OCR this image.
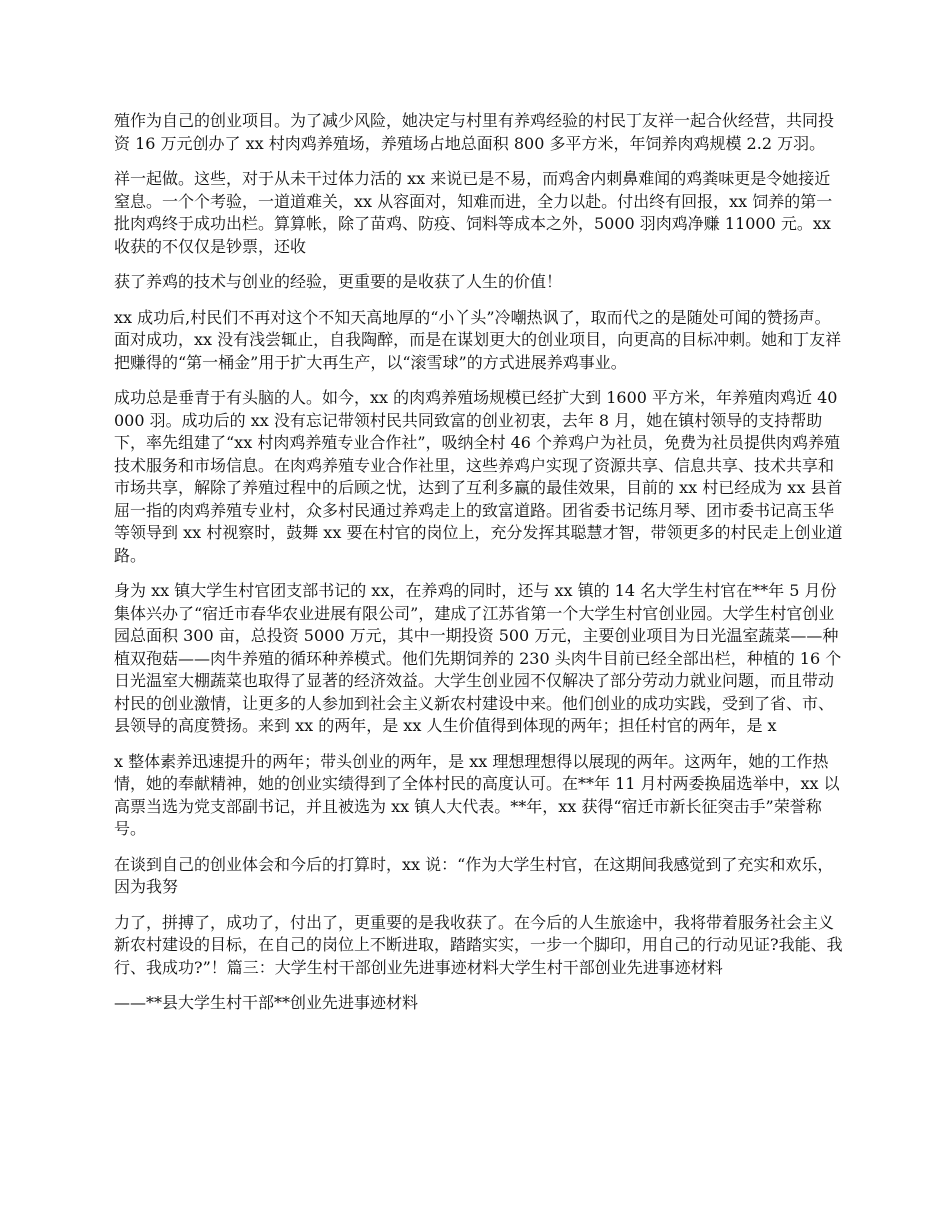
殖作为自己的创业项目。为了减少风险，她决定与村里有养鸡经验的村民丁友祥一起合伙经营，共同投资 16 万元创办了 xx 村肉鸡养殖场，养殖场占地总面积 800 多平方米，年饲养肉鸡规模 2.2 万羽。

祥一起做。这些，对于从未干过体力活的 xx 来说已是不易，而鸡舍内刺鼻难闻的鸡粪味更是令她接近窒息。一个个考验，一道道难关，xx 从容面对，知难而进，全力以赴。付出终有回报，xx 饲养的第一批肉鸡终于成功出栏。算算帐，除了苗鸡、防疫、饲料等成本之外，5000 羽肉鸡净赚 11000 元。xx 收获的不仅仅是钞票，还收

获了养鸡的技术与创业的经验，更重要的是收获了人生的价值！

xx 成功后,村民们不再对这个不知天高地厚的“小丫头”冷嘲热讽了，取而代之的是随处可闻的赞扬声。面对成功，xx 没有浅尝辄止，自我陶醉，而是在谋划更大的创业项目，向更高的目标冲刺。她和丁友祥把赚得的“第一桶金”用于扩大再生产，以“滚雪球”的方式进展养鸡事业。

成功总是垂青于有头脑的人。如今，xx 的肉鸡养殖场规模已经扩大到 1600 平方米，年养殖肉鸡近 40000 羽。成功后的 xx 没有忘记带领村民共同致富的创业初衷，去年 8 月，她在镇村领导的支持帮助下，率先组建了“xx 村肉鸡养殖专业合作社”，吸纳全村 46 个养鸡户为社员，免费为社员提供肉鸡养殖技术服务和市场信息。在肉鸡养殖专业合作社里，这些养鸡户实现了资源共享、信息共享、技术共享和市场共享，解除了养殖过程中的后顾之忧，达到了互利多赢的最佳效果，目前的 xx 村已经成为 xx 县首屈一指的肉鸡养殖专业村，众多村民通过养鸡走上的致富道路。团省委书记练月琴、团市委书记高玉华等领导到 xx 村视察时，鼓舞 xx 要在村官的岗位上，充分发挥其聪慧才智，带领更多的村民走上创业道路。

身为 xx 镇大学生村官团支部书记的 xx，在养鸡的同时，还与 xx 镇的 14 名大学生村官在**年 5 月份集体兴办了“宿迁市春华农业进展有限公司”，建成了江苏省第一个大学生村官创业园。大学生村官创业园总面积 300 亩，总投资 5000 万元，其中一期投资 500 万元，主要创业项目为日光温室蔬菜——种植双孢菇——肉牛养殖的循环种养模式。他们先期饲养的 230 头肉牛目前已经全部出栏，种植的 16 个日光温室大棚蔬菜也取得了显著的经济效益。大学生创业园不仅解决了部分劳动力就业问题，而且带动村民的创业激情，让更多的人参加到社会主义新农村建设中来。他们创业的成功实践，受到了省、市、县领导的高度赞扬。来到 xx 的两年，是 xx 人生价值得到体现的两年；担任村官的两年，是 x

x 整体素养迅速提升的两年；带头创业的两年，是 xx 理想理想得以展现的两年。这两年，她的工作热情，她的奉献精神，她的创业实绩得到了全体村民的高度认可。在**年 11 月村两委换届选举中，xx 以高票当选为党支部副书记，并且被选为 xx 镇人大代表。**年，xx 获得“宿迁市新长征突击手”荣誉称号。

在谈到自己的创业体会和今后的打算时，xx 说：“作为大学生村官，在这期间我感觉到了充实和欢乐，因为我努

力了，拼搏了，成功了，付出了，更重要的是我收获了。在今后的人生旅途中，我将带着服务社会主义新农村建设的目标，在自己的岗位上不断进取，踏踏实实，一步一个脚印，用自己的行动见证?我能、我行、我成功?”！篇三：大学生村干部创业先进事迹材料大学生村干部创业先进事迹材料

——**县大学生村干部**创业先进事迹材料
